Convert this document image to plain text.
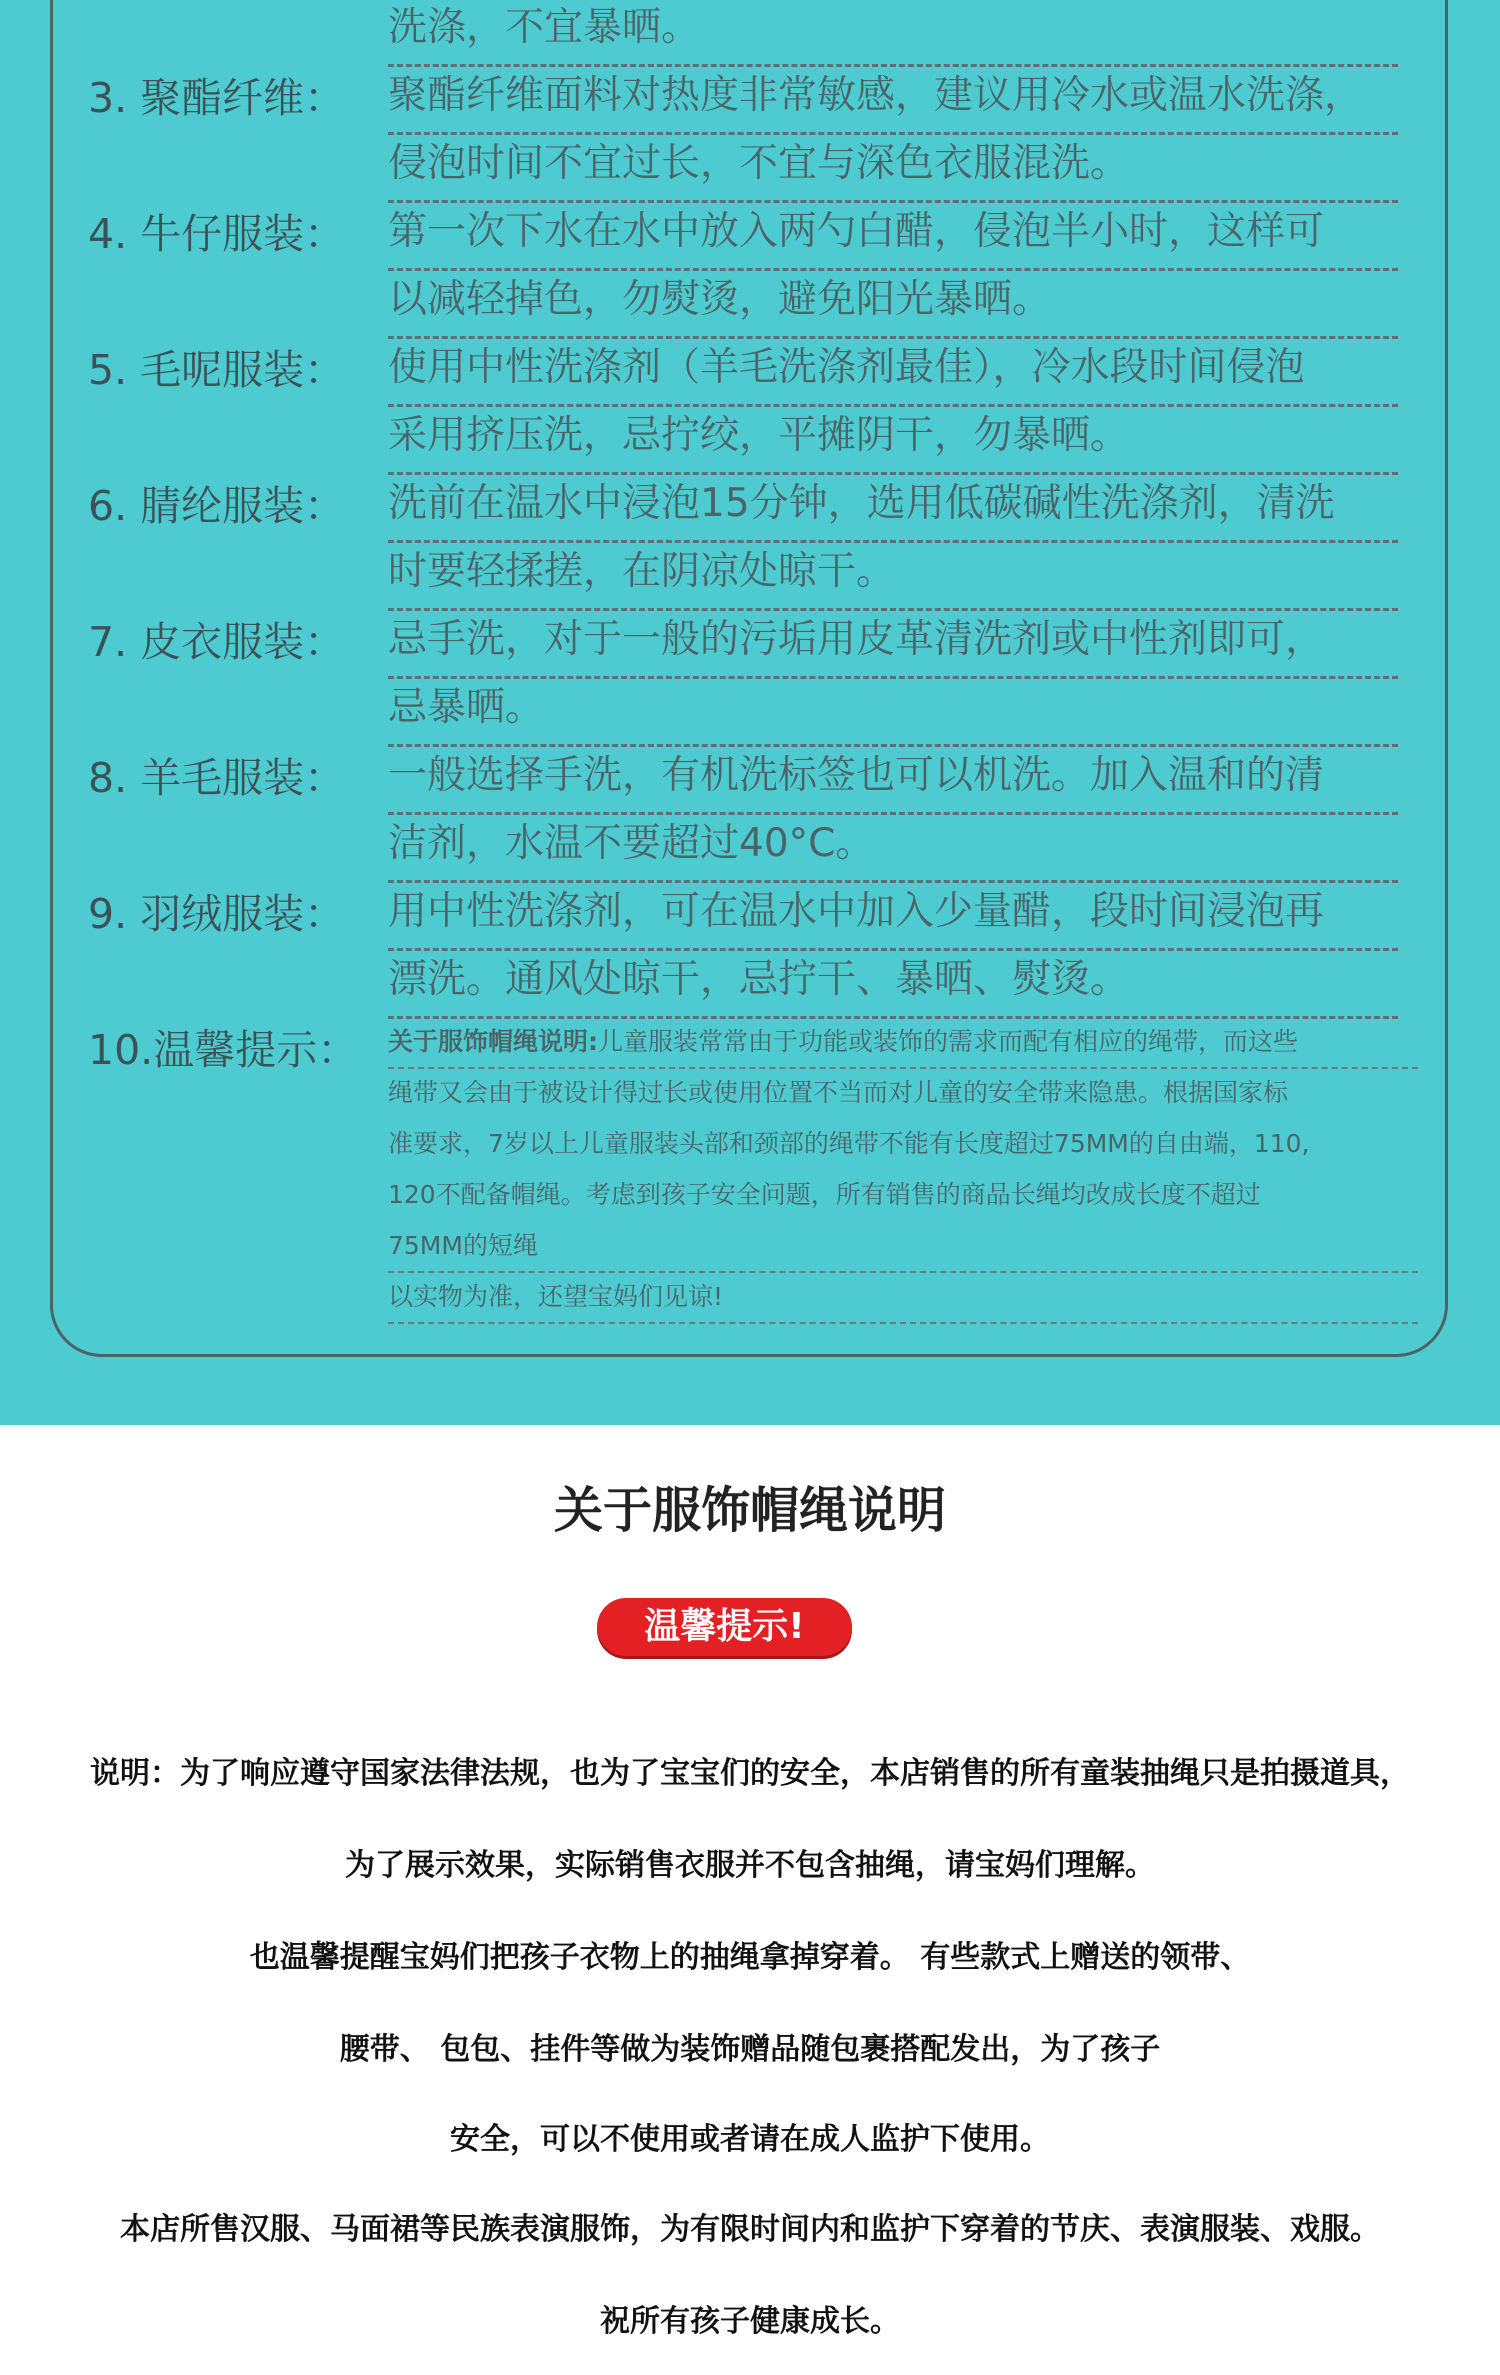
洗涤，不宜暴晒。
3. 聚酯纤维： 聚酯纤维面料对热度非常敏感，建议用冷水或温水洗涤，
侵泡时间不宜过长，不宜与深色衣服混洗。
4. 牛仔服装： 第一次下水在水中放入两勺白醋，侵泡半小时，这样可
以减轻掉色，勿熨烫，避免阳光暴晒。
5. 毛呢服装： 使用中性洗涤剂（羊毛洗涤剂最佳），冷水段时间侵泡
采用挤压洗，忌拧绞，平摊阴干，勿暴晒。
6. 腈纶服装： 洗前在温水中浸泡15分钟，选用低碳碱性洗涤剂，清洗
时要轻揉搓，在阴凉处晾干。
7. 皮衣服装： 忌手洗，对于一般的污垢用皮革清洗剂或中性剂即可，
忌暴晒。
8. 羊毛服装： 一般选择手洗，有机洗标签也可以机洗。加入温和的清
洁剂，水温不要超过40°C。
9. 羽绒服装： 用中性洗涤剂，可在温水中加入少量醋，段时间浸泡再
漂洗。通风处晾干，忌拧干、暴晒、熨烫。
10.温馨提示： 关于服饰帽绳说明:儿童服装常常由于功能或装饰的需求而配有相应的绳带，而这些
绳带又会由于被设计得过长或使用位置不当而对儿童的安全带来隐患。根据国家标
准要求，7岁以上儿童服装头部和颈部的绳带不能有长度超过75MM的自由端，110,
120不配备帽绳。考虑到孩子安全问题，所有销售的商品长绳均改成长度不超过
75MM的短绳
以实物为准，还望宝妈们见谅!
关于服饰帽绳说明
温馨提示!
说明：为了响应遵守国家法律法规，也为了宝宝们的安全，本店销售的所有童装抽绳只是拍摄道具，
为了展示效果，实际销售衣服并不包含抽绳，请宝妈们理解。
也温馨提醒宝妈们把孩子衣物上的抽绳拿掉穿着。 有些款式上赠送的领带、
腰带、 包包、挂件等做为装饰赠品随包裹搭配发出，为了孩子
安全，可以不使用或者请在成人监护下使用。
本店所售汉服、马面裙等民族表演服饰，为有限时间内和监护下穿着的节庆、表演服装、戏服。
祝所有孩子健康成长。
